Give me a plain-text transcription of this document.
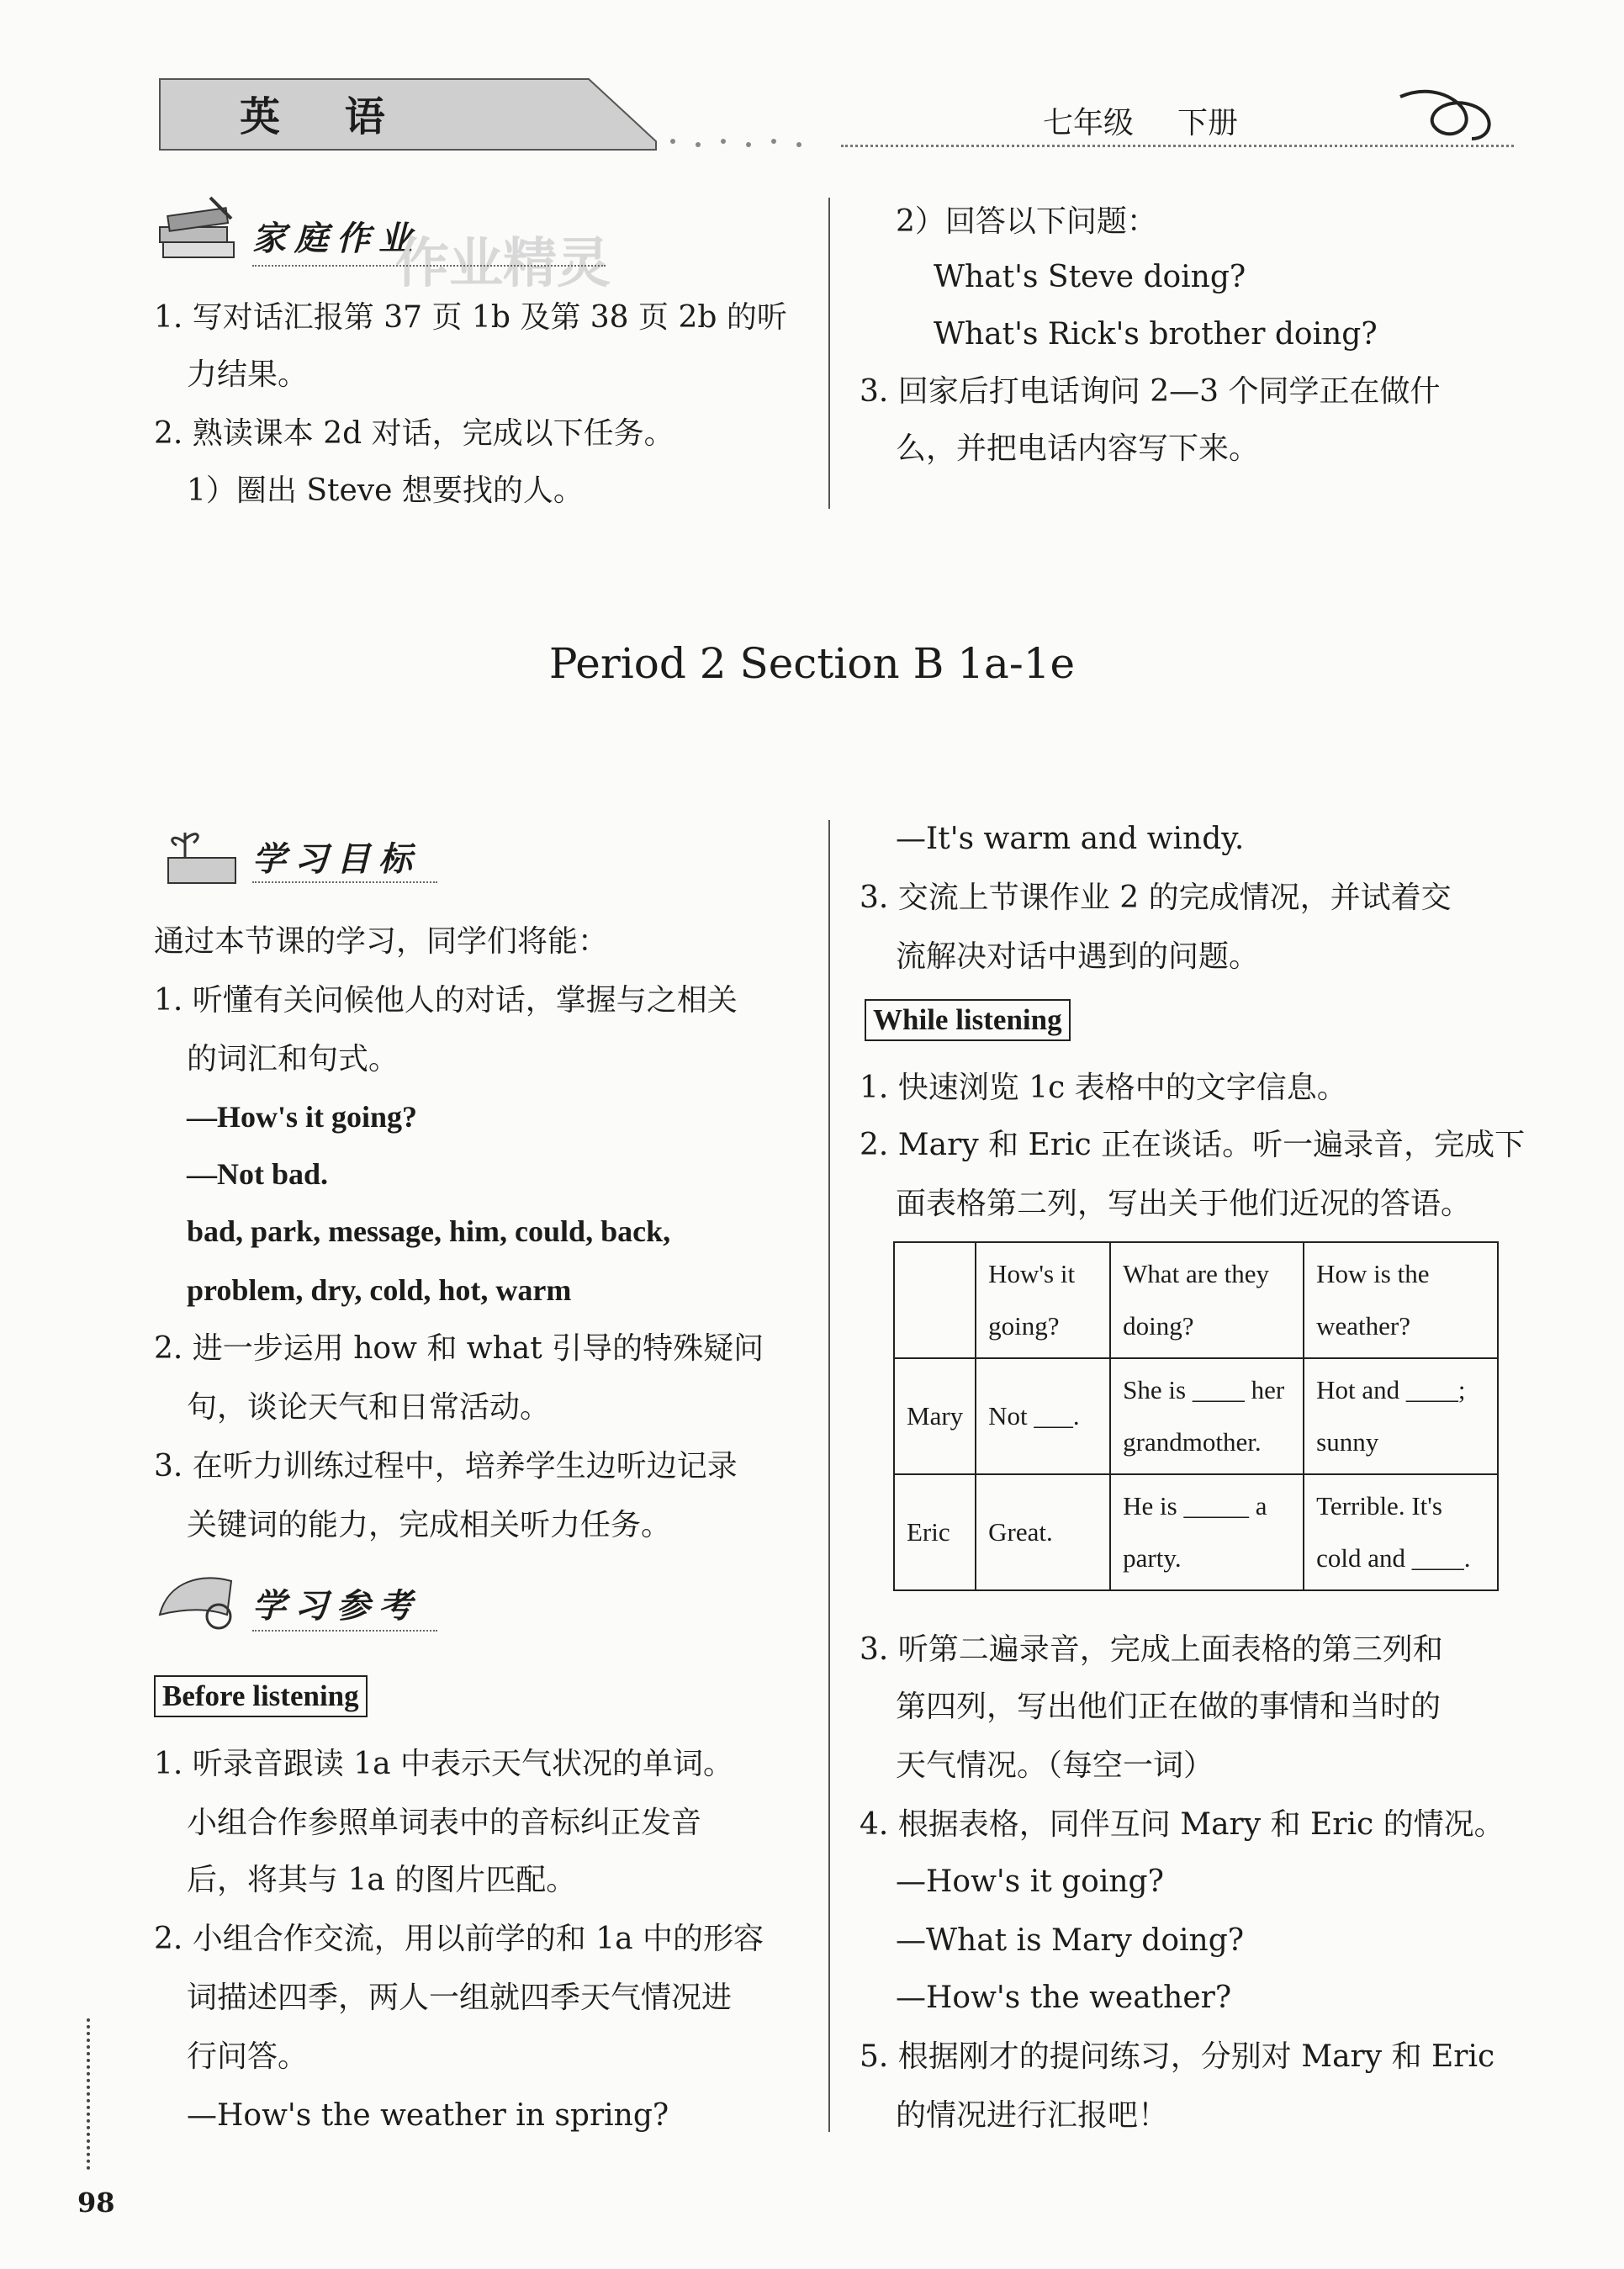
英 语	七年级 下册
家庭作业
作业精灵
1. 写对话汇报第 37 页 1b 及第 38 页 2b 的听
力结果。
2. 熟读课本 2d 对话，完成以下任务。
1）圈出 Steve 想要找的人。
2）回答以下问题：
What's Steve doing?
What's Rick's brother doing?
3. 回家后打电话询问 2—3 个同学正在做什
么，并把电话内容写下来。
Period 2 Section B 1a-1e
学习目标
通过本节课的学习，同学们将能：
1. 听懂有关问候他人的对话，掌握与之相关
的词汇和句式。
—How's it going?
—Not bad.
bad, park, message, him, could, back,
problem, dry, cold, hot, warm
2. 进一步运用 how 和 what 引导的特殊疑问
句，谈论天气和日常活动。
3. 在听力训练过程中，培养学生边听边记录
关键词的能力，完成相关听力任务。
学习参考
Before listening
1. 听录音跟读 1a 中表示天气状况的单词。
小组合作参照单词表中的音标纠正发音
后，将其与 1a 的图片匹配。
2. 小组合作交流，用以前学的和 1a 中的形容
词描述四季，两人一组就四季天气情况进
行问答。
—How's the weather in spring?
—It's warm and windy.
3. 交流上节课作业 2 的完成情况，并试着交
流解决对话中遇到的问题。
While listening
1. 快速浏览 1c 表格中的文字信息。
2. Mary 和 Eric 正在谈话。听一遍录音，完成下
面表格第二列，写出关于他们近况的答语。
	How's it going?	What are they doing?	How is the weather?
Mary	Not ___.	She is ____ her grandmother.	Hot and ____; sunny
Eric	Great.	He is _____ a party.	Terrible. It's cold and ____.
3. 听第二遍录音，完成上面表格的第三列和
第四列，写出他们正在做的事情和当时的
天气情况。（每空一词）
4. 根据表格，同伴互问 Mary 和 Eric 的情况。
—How's it going?
—What is Mary doing?
—How's the weather?
5. 根据刚才的提问练习，分别对 Mary 和 Eric
的情况进行汇报吧！
98
